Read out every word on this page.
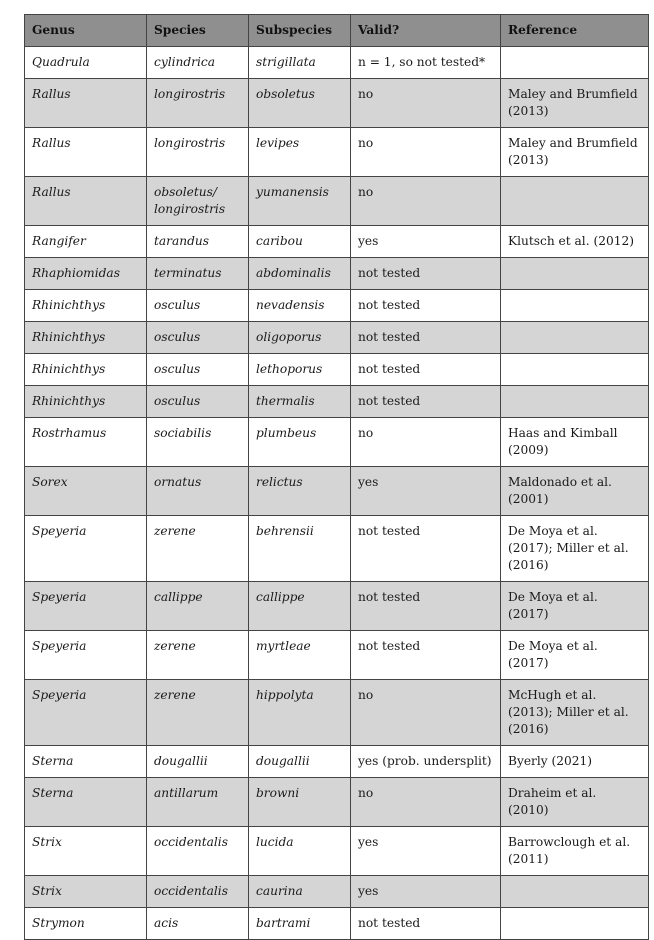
Genus	Species	Subspecies	Valid?	Reference
Quadrula	cylindrica	strigillata	n = 1, so not tested*	
Rallus	longirostris	obsoletus	no	Maley and Brumfield (2013)
Rallus	longirostris	levipes	no	Maley and Brumfield (2013)
Rallus	obsoletus/ longirostris	yumanensis	no	
Rangifer	tarandus	caribou	yes	Klutsch et al. (2012)
Rhaphiomidas	terminatus	abdominalis	not tested	
Rhinichthys	osculus	nevadensis	not tested	
Rhinichthys	osculus	oligoporus	not tested	
Rhinichthys	osculus	lethoporus	not tested	
Rhinichthys	osculus	thermalis	not tested	
Rostrhamus	sociabilis	plumbeus	no	Haas and Kimball (2009)
Sorex	ornatus	relictus	yes	Maldonado et al. (2001)
Speyeria	zerene	behrensii	not tested	De Moya et al. (2017); Miller et al. (2016)
Speyeria	callippe	callippe	not tested	De Moya et al. (2017)
Speyeria	zerene	myrtleae	not tested	De Moya et al. (2017)
Speyeria	zerene	hippolyta	no	McHugh et al. (2013); Miller et al. (2016)
Sterna	dougallii	dougallii	yes (prob. undersplit)	Byerly (2021)
Sterna	antillarum	browni	no	Draheim et al. (2010)
Strix	occidentalis	lucida	yes	Barrowclough et al. (2011)
Strix	occidentalis	caurina	yes	
Strymon	acis	bartrami	not tested	
